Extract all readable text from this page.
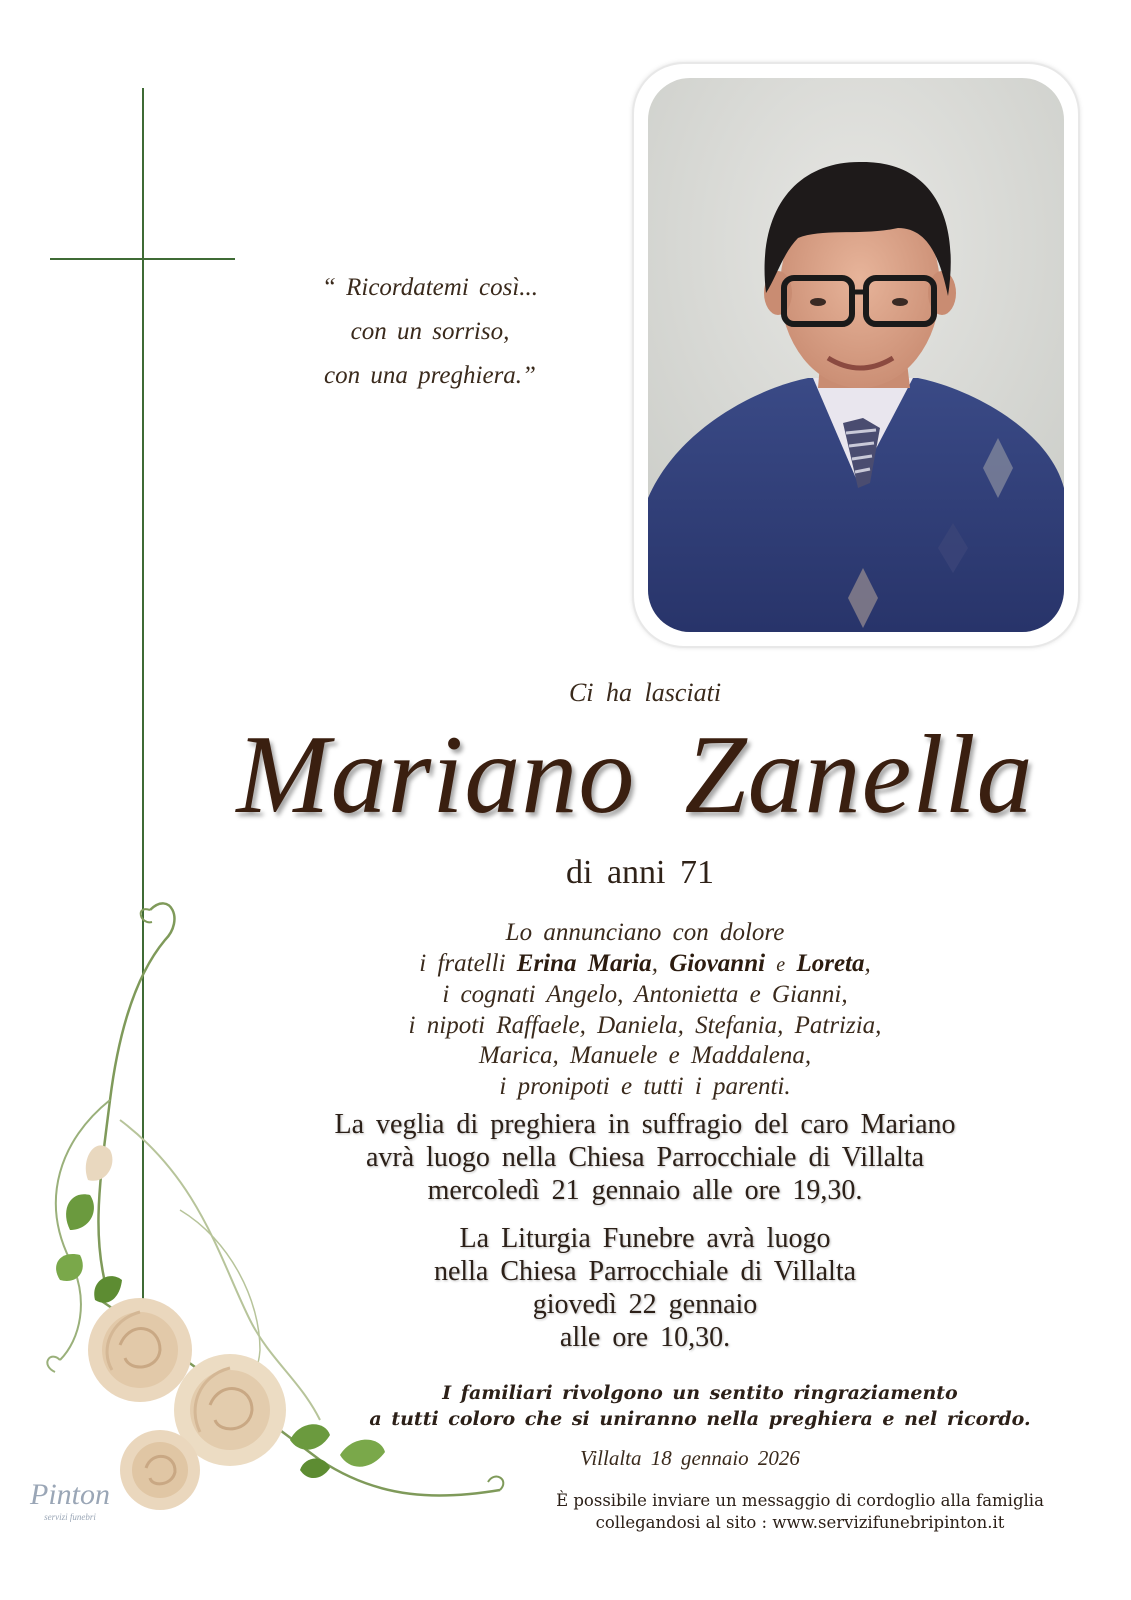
“ Ricordatemi così...
con un sorriso,
con una preghiera.”
Ci ha lasciati
Mariano Zanella
di anni 71
Lo annunciano con dolore
i fratelli Erina Maria, Giovanni e Loreta,
i cognati Angelo, Antonietta e Gianni,
i nipoti Raffaele, Daniela, Stefania, Patrizia,
Marica, Manuele e Maddalena,
i pronipoti e tutti i parenti.
La veglia di preghiera in suffragio del caro Mariano
avrà luogo nella Chiesa Parrocchiale di Villalta
mercoledì 21 gennaio alle ore 19,30.
La Liturgia Funebre avrà luogo
nella Chiesa Parrocchiale di Villalta
giovedì 22 gennaio
alle ore 10,30.
I familiari rivolgono un sentito ringraziamento
a tutti coloro che si uniranno nella preghiera e nel ricordo.
Villalta 18 gennaio 2026
È possibile inviare un messaggio di cordoglio alla famiglia
collegandosi al sito : www.servizifunebripinton.it
Pinton
servizi funebri
